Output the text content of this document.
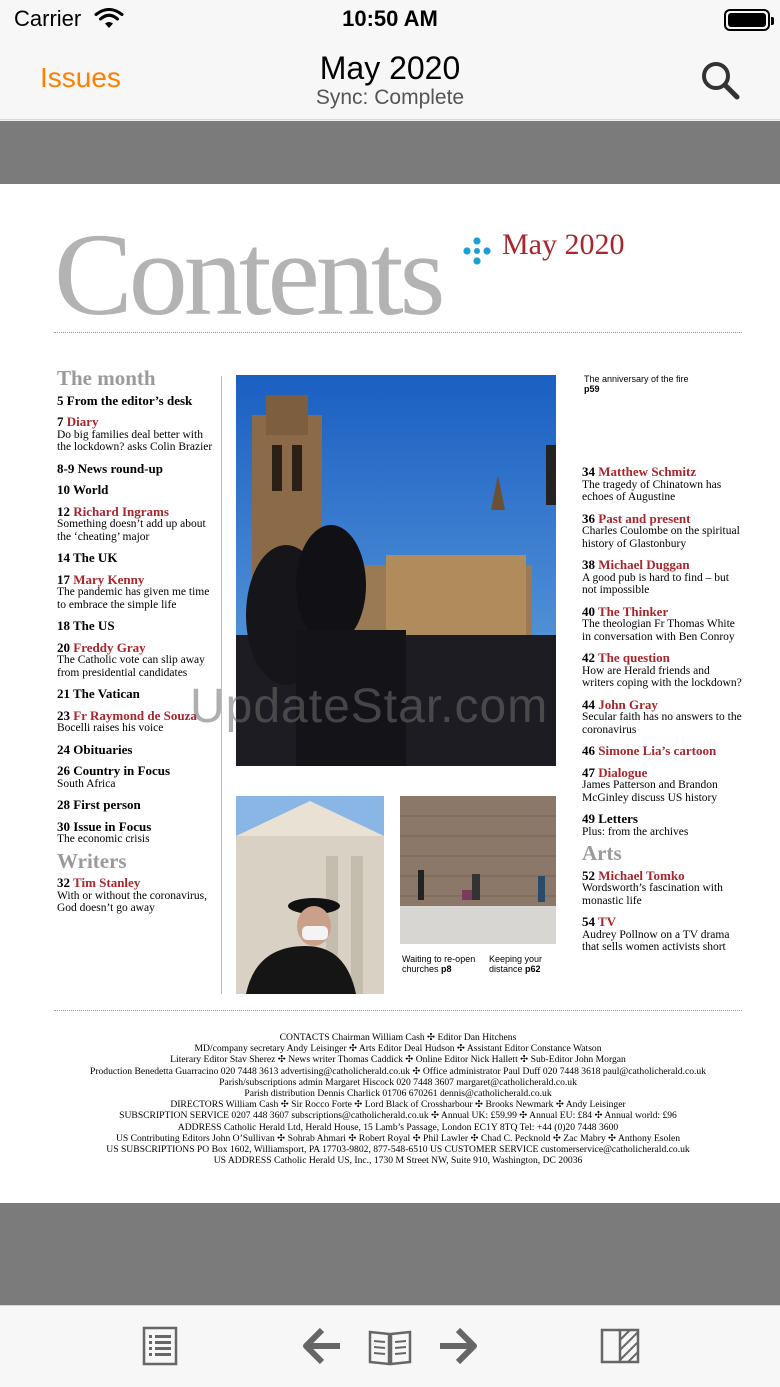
Carrier	10:50 AM
Issues	May 2020
Sync: Complete
Contents May 2020
The month
5 From the editor’s desk
7 Diary
Do big families deal better with the lockdown? asks Colin Brazier
8-9 News round-up
10 World
12 Richard Ingrams
Something doesn’t add up about the ‘cheating’ major
14 The UK
17 Mary Kenny
The pandemic has given me time to embrace the simple life
18 The US
20 Freddy Gray
The Catholic vote can slip away from presidential candidates
21 The Vatican
23 Fr Raymond de Souza
Bocelli raises his voice
24 Obituaries
26 Country in Focus
South Africa
28 First person
30 Issue in Focus
The economic crisis
Writers
32 Tim Stanley
With or without the coronavirus, God doesn’t go away
The anniversary of the fire p59
Waiting to re-open churches p8
Keeping your distance p62
34 Matthew Schmitz
The tragedy of Chinatown has echoes of Augustine
36 Past and present
Charles Coulombe on the spiritual history of Glastonbury
38 Michael Duggan
A good pub is hard to find – but not impossible
40 The Thinker
The theologian Fr Thomas White in conversation with Ben Conroy
42 The question
How are Herald friends and writers coping with the lockdown?
44 John Gray
Secular faith has no answers to the coronavirus
46 Simone Lia’s cartoon
47 Dialogue
James Patterson and Brandon McGinley discuss US history
49 Letters
Plus: from the archives
Arts
52 Michael Tomko
Wordsworth’s fascination with monastic life
54 TV
Audrey Pollnow on a TV drama that sells women activists short
CONTACTS Chairman William Cash ✣ Editor Dan Hitchens
MD/company secretary Andy Leisinger ✣ Arts Editor Deal Hudson ✣ Assistant Editor Constance Watson
Literary Editor Stav Sherez ✣ News writer Thomas Caddick ✣ Online Editor Nick Hallett ✣ Sub-Editor John Morgan
Production Benedetta Guarracino 020 7448 3613 advertising@catholicherald.co.uk ✣ Office administrator Paul Duff 020 7448 3618 paul@catholicherald.co.uk
Parish/subscriptions admin Margaret Hiscock 020 7448 3607 margaret@catholicherald.co.uk
Parish distribution Dennis Charlick 01706 670261 dennis@catholicherald.co.uk
DIRECTORS William Cash ✣ Sir Rocco Forte ✣ Lord Black of Crossharbour ✣ Brooks Newmark ✣ Andy Leisinger
SUBSCRIPTION SERVICE 0207 448 3607 subscriptions@catholicherald.co.uk ✣ Annual UK: £59.99 ✣ Annual EU: £84 ✣ Annual world: £96
ADDRESS Catholic Herald Ltd, Herald House, 15 Lamb’s Passage, London EC1Y 8TQ Tel: +44 (0)20 7448 3600
US Contributing Editors John O’Sullivan ✣ Sohrab Ahmari ✣ Robert Royal ✣ Phil Lawler ✣ Chad C. Pecknold ✣ Zac Mabry ✣ Anthony Esolen
US SUBSCRIPTIONS PO Box 1602, Williamsport, PA 17703-9802, 877-548-6510 US CUSTOMER SERVICE customerservice@catholicherald.co.uk
US ADDRESS Catholic Herald US, Inc., 1730 M Street NW, Suite 910, Washington, DC 20036
UpdateStar.com
